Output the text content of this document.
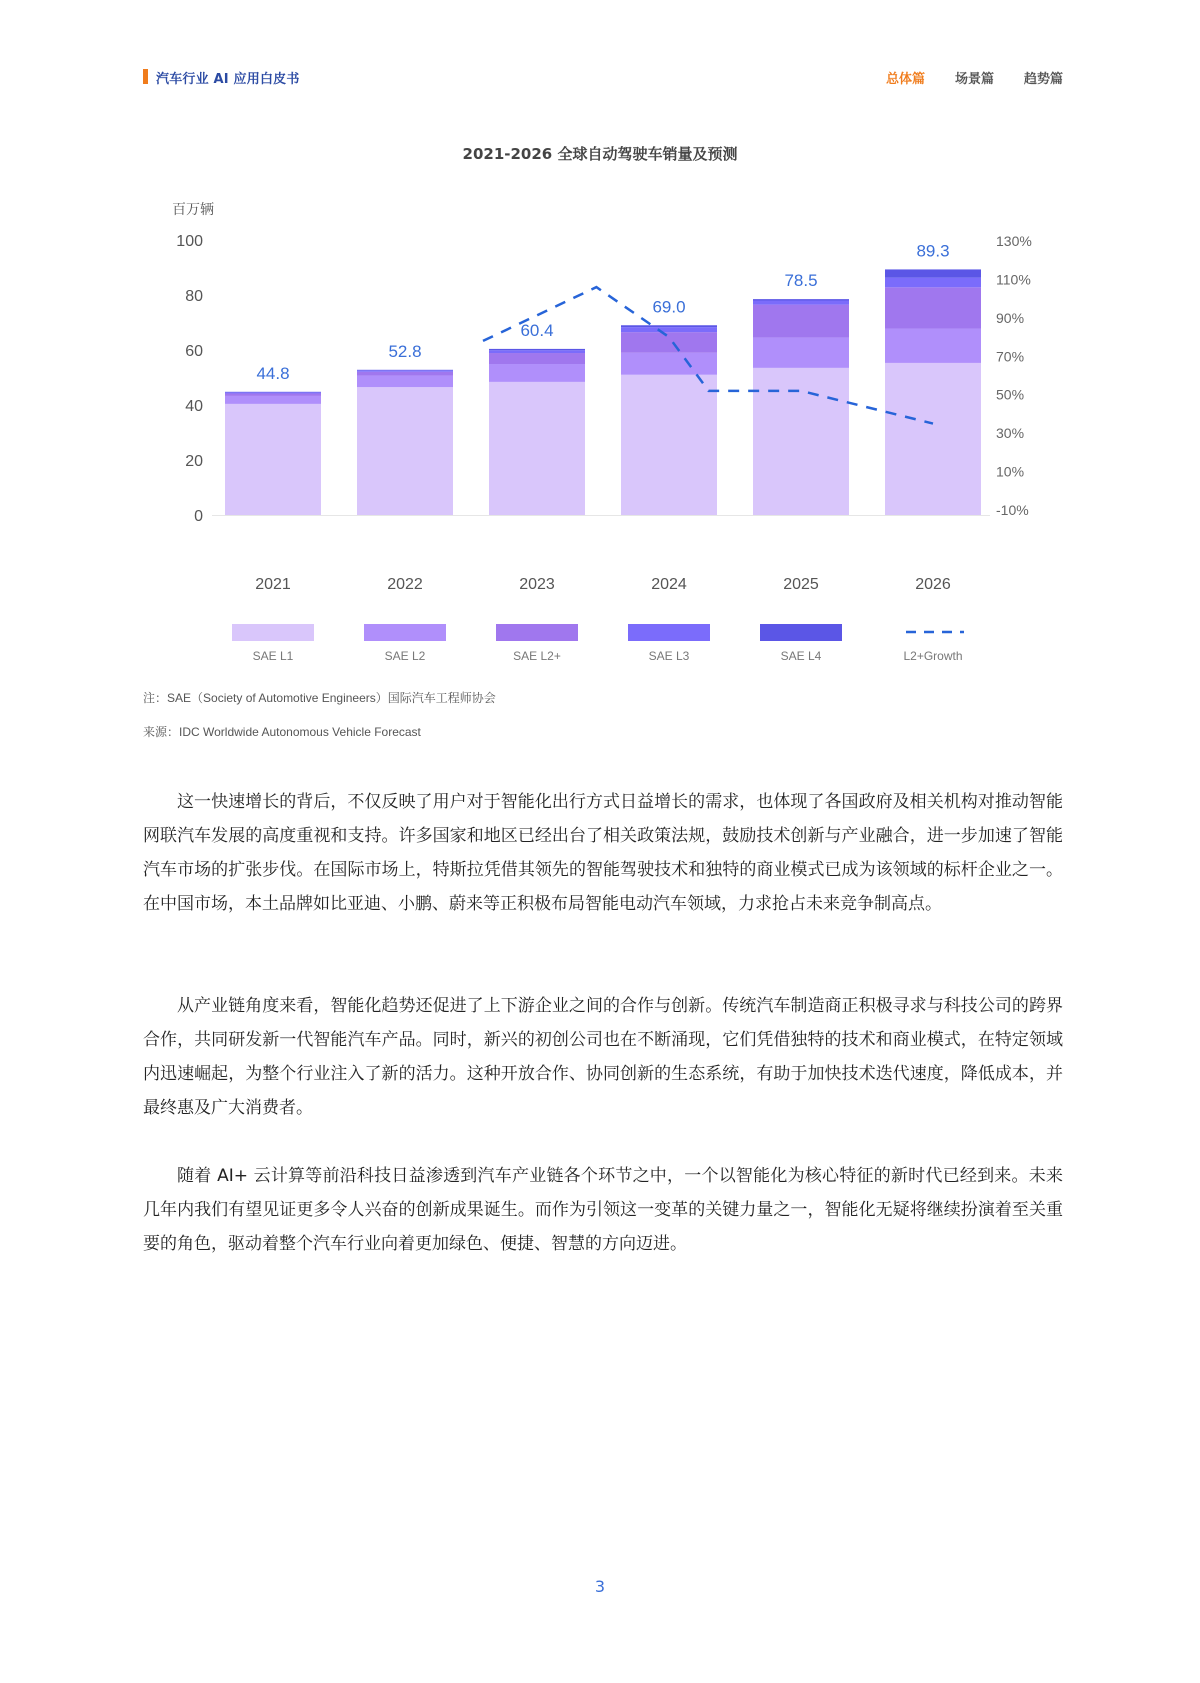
汽车行业 AI 应用白皮书	总体篇 场景篇 趋势篇
2021-2026 全球自动驾驶车销量及预测
百万辆
0
20
40
60
80
100
-10%
10%
30%
50%
70%
90%
110%
130%
44.8
2021
52.8
2022
60.4
2023
69.0
2024
78.5
2025
89.3
2026
SAE L1	SAE L2	SAE L2+	SAE L3	SAE L4	L2+Growth
注：SAE（Society of Automotive Engineers）国际汽车工程师协会
来源：IDC Worldwide Autonomous Vehicle Forecast
这一快速增长的背后，不仅反映了用户对于智能化出行方式日益增长的需求，也体现了各国政府及相关机构对推动智能网联汽车发展的高度重视和支持。许多国家和地区已经出台了相关政策法规，鼓励技术创新与产业融合，进一步加速了智能汽车市场的扩张步伐。在国际市场上，特斯拉凭借其领先的智能驾驶技术和独特的商业模式已成为该领域的标杆企业之一。在中国市场，本土品牌如比亚迪、小鹏、蔚来等正积极布局智能电动汽车领域，力求抢占未来竞争制高点。
从产业链角度来看，智能化趋势还促进了上下游企业之间的合作与创新。传统汽车制造商正积极寻求与科技公司的跨界合作，共同研发新一代智能汽车产品。同时，新兴的初创公司也在不断涌现，它们凭借独特的技术和商业模式，在特定领域内迅速崛起，为整个行业注入了新的活力。这种开放合作、协同创新的生态系统，有助于加快技术迭代速度，降低成本，并最终惠及广大消费者。
随着 AI+ 云计算等前沿科技日益渗透到汽车产业链各个环节之中，一个以智能化为核心特征的新时代已经到来。未来几年内我们有望见证更多令人兴奋的创新成果诞生。而作为引领这一变革的关键力量之一，智能化无疑将继续扮演着至关重要的角色，驱动着整个汽车行业向着更加绿色、便捷、智慧的方向迈进。
3
